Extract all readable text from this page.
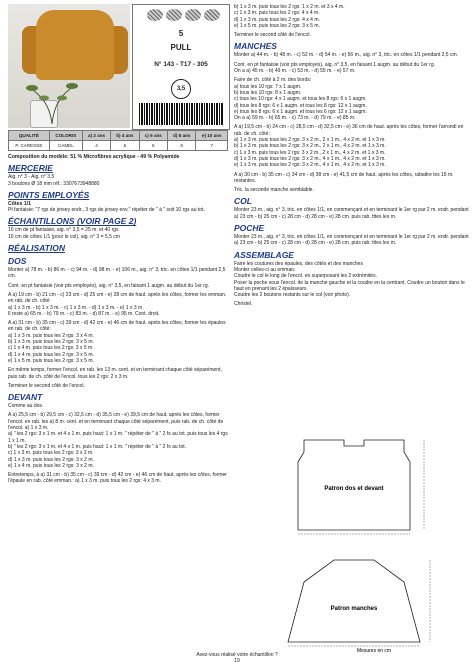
5
PULL
N° 143 - T17 - 305
3,5
QUALITÉ	COLORIS	a) 2 ans	b) 4 ans	c) 6 ans	d) 8 ans	e) 10 ans
P. CARESSE	CAMEL	4	5	6	6	7

Composition du modèle: 51 % Microfibres acrylique - 49 % Polyamide

MERCERIE

Aig. n° 3 - Aig. n° 3,5

3 boutons Ø 18 mm réf.: 3307673948880

POINTS EMPLOYÉS

Côtes 1/1

Pt fantaisie: "7 rgs de jersey endr., 3 rgs de jersey env." répéter de " à " soit 10 rgs au tot.

ÉCHANTILLONS (VOIR PAGE 2)

10 cm de pt fantaisie, aig. n° 3,5 = 25 m. et 40 rgs

10 cm de côtes 1/1 (pour le col), aig. n° 3 = 5,5 cm

RÉALISATION
DOS

Monter a) 78 m. - b) 86 m. - c) 94 m. - d) 98 m. - e) 106 m., aig. n° 3, tric. en côtes 1/1 pendant 2,5 cm.

Cont. en pt fantaisie (voir pts employés), aig. n° 3,5, en faisant 1 augm. au début du 1er rg.

A a) 19 cm - b) 21 cm - c) 23 cm - d) 25 cm - e) 28 cm de haut. après les côtes, former les emman. en rab. de ch. côté:

a) 1 x 3 m. - b) 1 x 3 m. - c) 1 x 3 m. - d) 1 x 3 m. - e) 1 x 3 m.

Il reste a) 65 m. - b) 79 m. - c) 83 m. - d) 87 m. - e) 95 m. Cont. droit.

A a) 31 cm - b) 35 cm - c) 39 cm - d) 42 cm - e) 46 cm de haut. après les côtes, former les épaules en rab. de ch. côté:

a) 1 x 3 m. puis tous les 2 rgs: 3 x 4 m.

b) 1 x 3 m. puis tous les 2 rgs: 3 x 5 m.

c) 1 x 4 m. puis tous les 2 rgs: 3 x 5 m.

d) 1 x 4 m. puis tous les 2 rgs: 3 x 5 m.

e) 1 x 5 m. puis tous les 2 rgs: 3 x 5 m.

En même temps, former l'encol. en rab. les 13 m. cent. et en terminant chaque côté séparément, puis rab. de ch. côté de l'encol. tous les 2 rgs: 2 x 3 m.

Terminer le second côté de l'encol.

DEVANT

Comme au dos.

A a) 25,5 cm - b) 29,5 cm - c) 32,5 cm - d) 35,5 cm - e) 39,5 cm de haut. après les côtes, former l'encol. en rab. les a) 8 m. cent. et en terminant chaque côté séparément, puis rab. de ch. côté de l'encol. a) 1 x 3 m.

a) " les 2 rgs: 3 x 1 m. et 4 x 1 m. puis haut: 1 x 1 m. " répéter de " à " 2 fs au tot. puis tous les 4 rgs 1 x 1 m.

b) " les 2 rgs: 3 x 1 m. et 4 x 1 m. puis haut: 1 x 1 m. " répéter de " à " 2 fs au tot.

c) 1 x 3 m. puis tous les 2 rgs: 3 x 2 m.

d) 1 x 3 m. puis tous les 2 rgs: 3 x 2 m.

e) 1 x 4 m. puis tous les 2 rgs: 3 x 2 m.

Entretemps, à a) 31 cm - b) 35 cm - c) 39 cm - d) 42 cm - e) 46 cm de haut. après les côtes, former l'épaule en rab. côté emman.: a) 1 x 3 m. puis tous les 2 rgs: 4 x 3 m.

b) 1 x 3 m. puis tous les 2 rgs: 1 x 2 m. et 3 x 4 m.

c) 1 x 3 m. puis tous les 2 rgs: 4 x 4 m.

d) 1 x 3 m. puis tous les 2 rgs: 4 x 4 m.

e) 1 x 5 m. puis tous les 2 rgs: 3 x 5 m.

Terminer le second côté de l'encol.

MANCHES

Monter a) 44 m. - b) 48 m. - c) 52 m. - d) 54 m. - e) 56 m., aig. n° 3, tric. en côtes 1/1 pendant 2,5 cm.

Cont. en pt fantaisie (voir pts employés), aig. n° 3,5, en faisant 1 augm. au début du 1er rg.

On a a) 45 m. - b) 49 m. - c) 53 m. - d) 55 m. - e) 57 m.

Faire de ch. côté à 2 m. des bords:

a) tous les 10 rgs: 7 x 1 augm.

b) tous les 10 rgs: 8 x 1 augm.

c) tous les 10 rgs: 4 x 1 augm. et tous les 8 rgs: 6 x 1 augm.

d) tous les 8 rgs: 6 x 1 augm. et tous les 8 rgs: 12 x 1 augm.

e) tous les 8 rgs: 6 x 1 augm. et tous les 6 rgs: 12 x 1 augm.

On a a) 59 m. - b) 65 m. - c) 73 m. - d) 79 m. - e) 85 m.

A a) 19,5 cm - b) 24 cm - c) 28,5 cm - d) 32,5 cm - e) 36 cm de haut. après les côtes, former l'arrondi en rab. de ch. côté:

a) 1 x 3 m. puis tous les 2 rgs: 3 x 2 m., 2 x 1 m., 4 x 2 m. et 1 x 3 m.

b) 1 x 3 m. puis tous les 2 rgs: 3 x 2 m., 2 x 1 m., 4 x 2 m. et 1 x 3 m.

c) 1 x 3 m. puis tous les 2 rgs: 3 x 2 m., 2 x 1 m., 4 x 2 m. et 1 x 3 m.

d) 1 x 3 m. puis tous les 2 rgs: 3 x 2 m., 4 x 1 m., 4 x 2 m. et 1 x 3 m.

e) 1 x 3 m. puis tous les 2 rgs: 3 x 2 m., 4 x 1 m., 4 x 2 m. et 1 x 3 m.

A a) 30 cm - b) 35 cm - c) 34 cm - d) 38 cm - e) 41,5 cm de haut. après les côtes, rabattre les 15 m. restantes.

Tric. la seconde manche semblable.

COL

Monter 23 m., aig. n° 3, tric. en côtes 1/1, en commençant et en terminant le 1er rg par 2 m. endr. pendant a) 23 cm - b) 25 cm - c) 28 cm - d) 28 cm - e) 28 cm. puis rab. tttes les m.

POCHE

Monter 23 m., aig. n° 3, tric. en côtes 1/1, en commençant et en terminant le 1er rg par 2 m. endr. pendant a) 23 cm - b) 25 cm - c) 28 cm - d) 28 cm - e) 28 cm. puis rab. tttes les m.

ASSEMBLAGE

Faire les coutures des épaules, des côtés et des manches

Monter celles-ci au emman.

Coudre le col le long de l'encol. en superposant les 2 extrémités.

Poser la poche sous l'encol. de la manche gauche et la coudre en la centrant. Coudre un bouton dans le haut en prenant les 2 épaisseurs

Coudre les 2 boutons restants sur le col (voir photo).

Christel.

Patron dos et devant
Patron manches
Mesures en cm
Avez-vous réalisé votre échantillon ?
19
